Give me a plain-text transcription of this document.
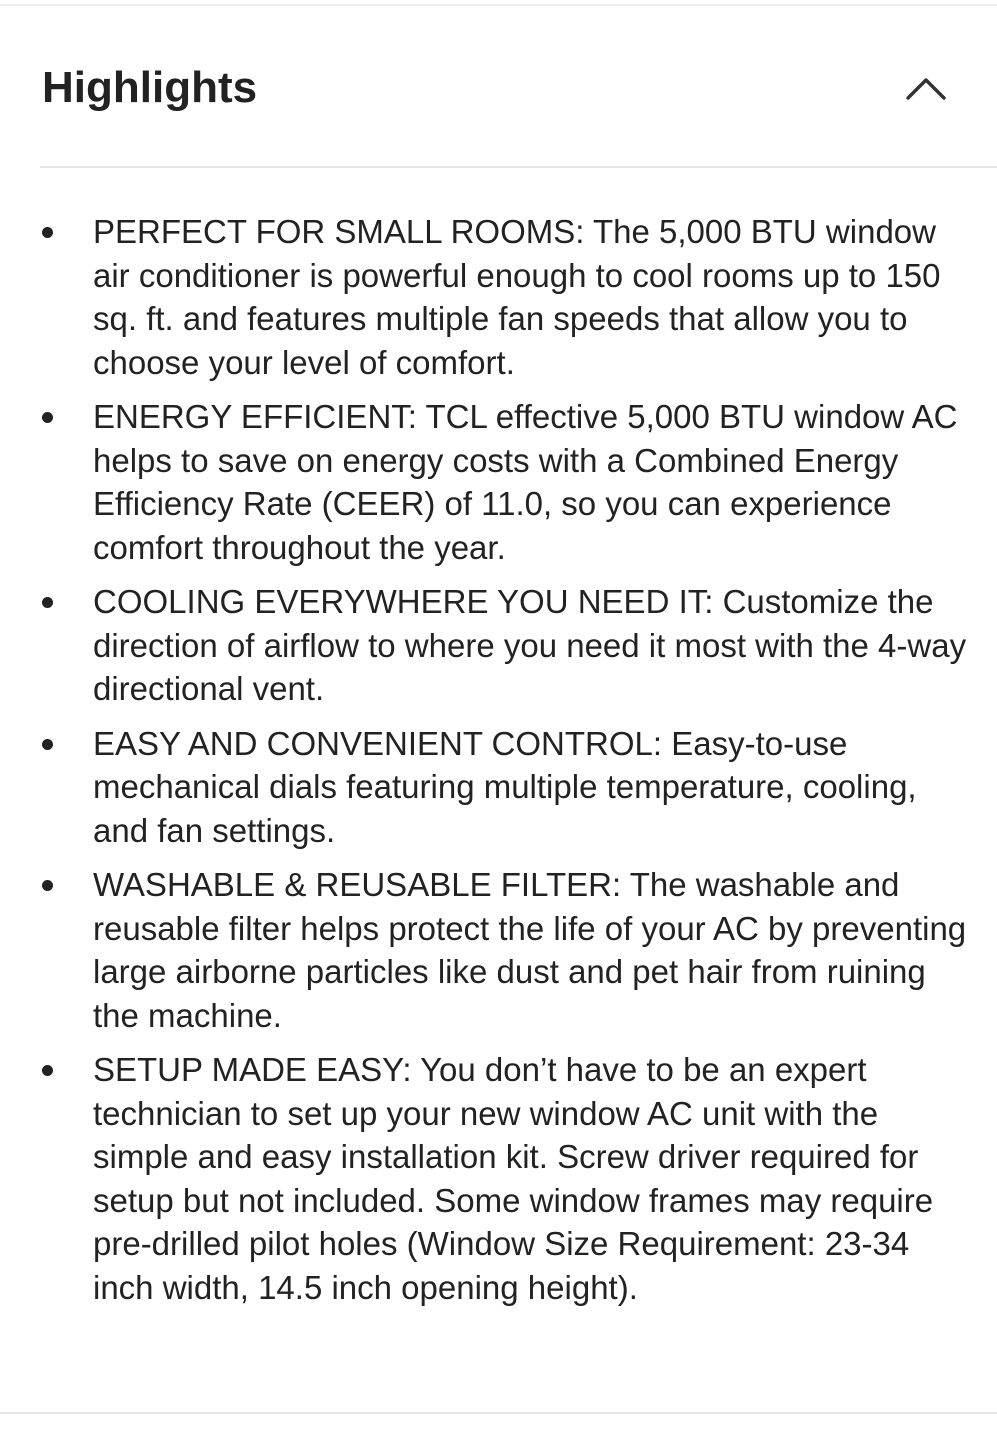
Highlights
PERFECT FOR SMALL ROOMS: The 5,000 BTU window air conditioner is powerful enough to cool rooms up to 150 sq. ft. and features multiple fan speeds that allow you to choose your level of comfort.
ENERGY EFFICIENT: TCL effective 5,000 BTU window AC helps to save on energy costs with a Combined Energy Efficiency Rate (CEER) of 11.0, so you can experience comfort throughout the year.
COOLING EVERYWHERE YOU NEED IT: Customize the direction of airflow to where you need it most with the 4-way directional vent.
EASY AND CONVENIENT CONTROL: Easy-to-use mechanical dials featuring multiple temperature, cooling, and fan settings.
WASHABLE & REUSABLE FILTER: The washable and reusable filter helps protect the life of your AC by preventing large airborne particles like dust and pet hair from ruining the machine.
SETUP MADE EASY: You don’t have to be an expert technician to set up your new window AC unit with the simple and easy installation kit. Screw driver required for setup but not included. Some window frames may require pre-drilled pilot holes (Window Size Requirement: 23-34 inch width, 14.5 inch opening height).
